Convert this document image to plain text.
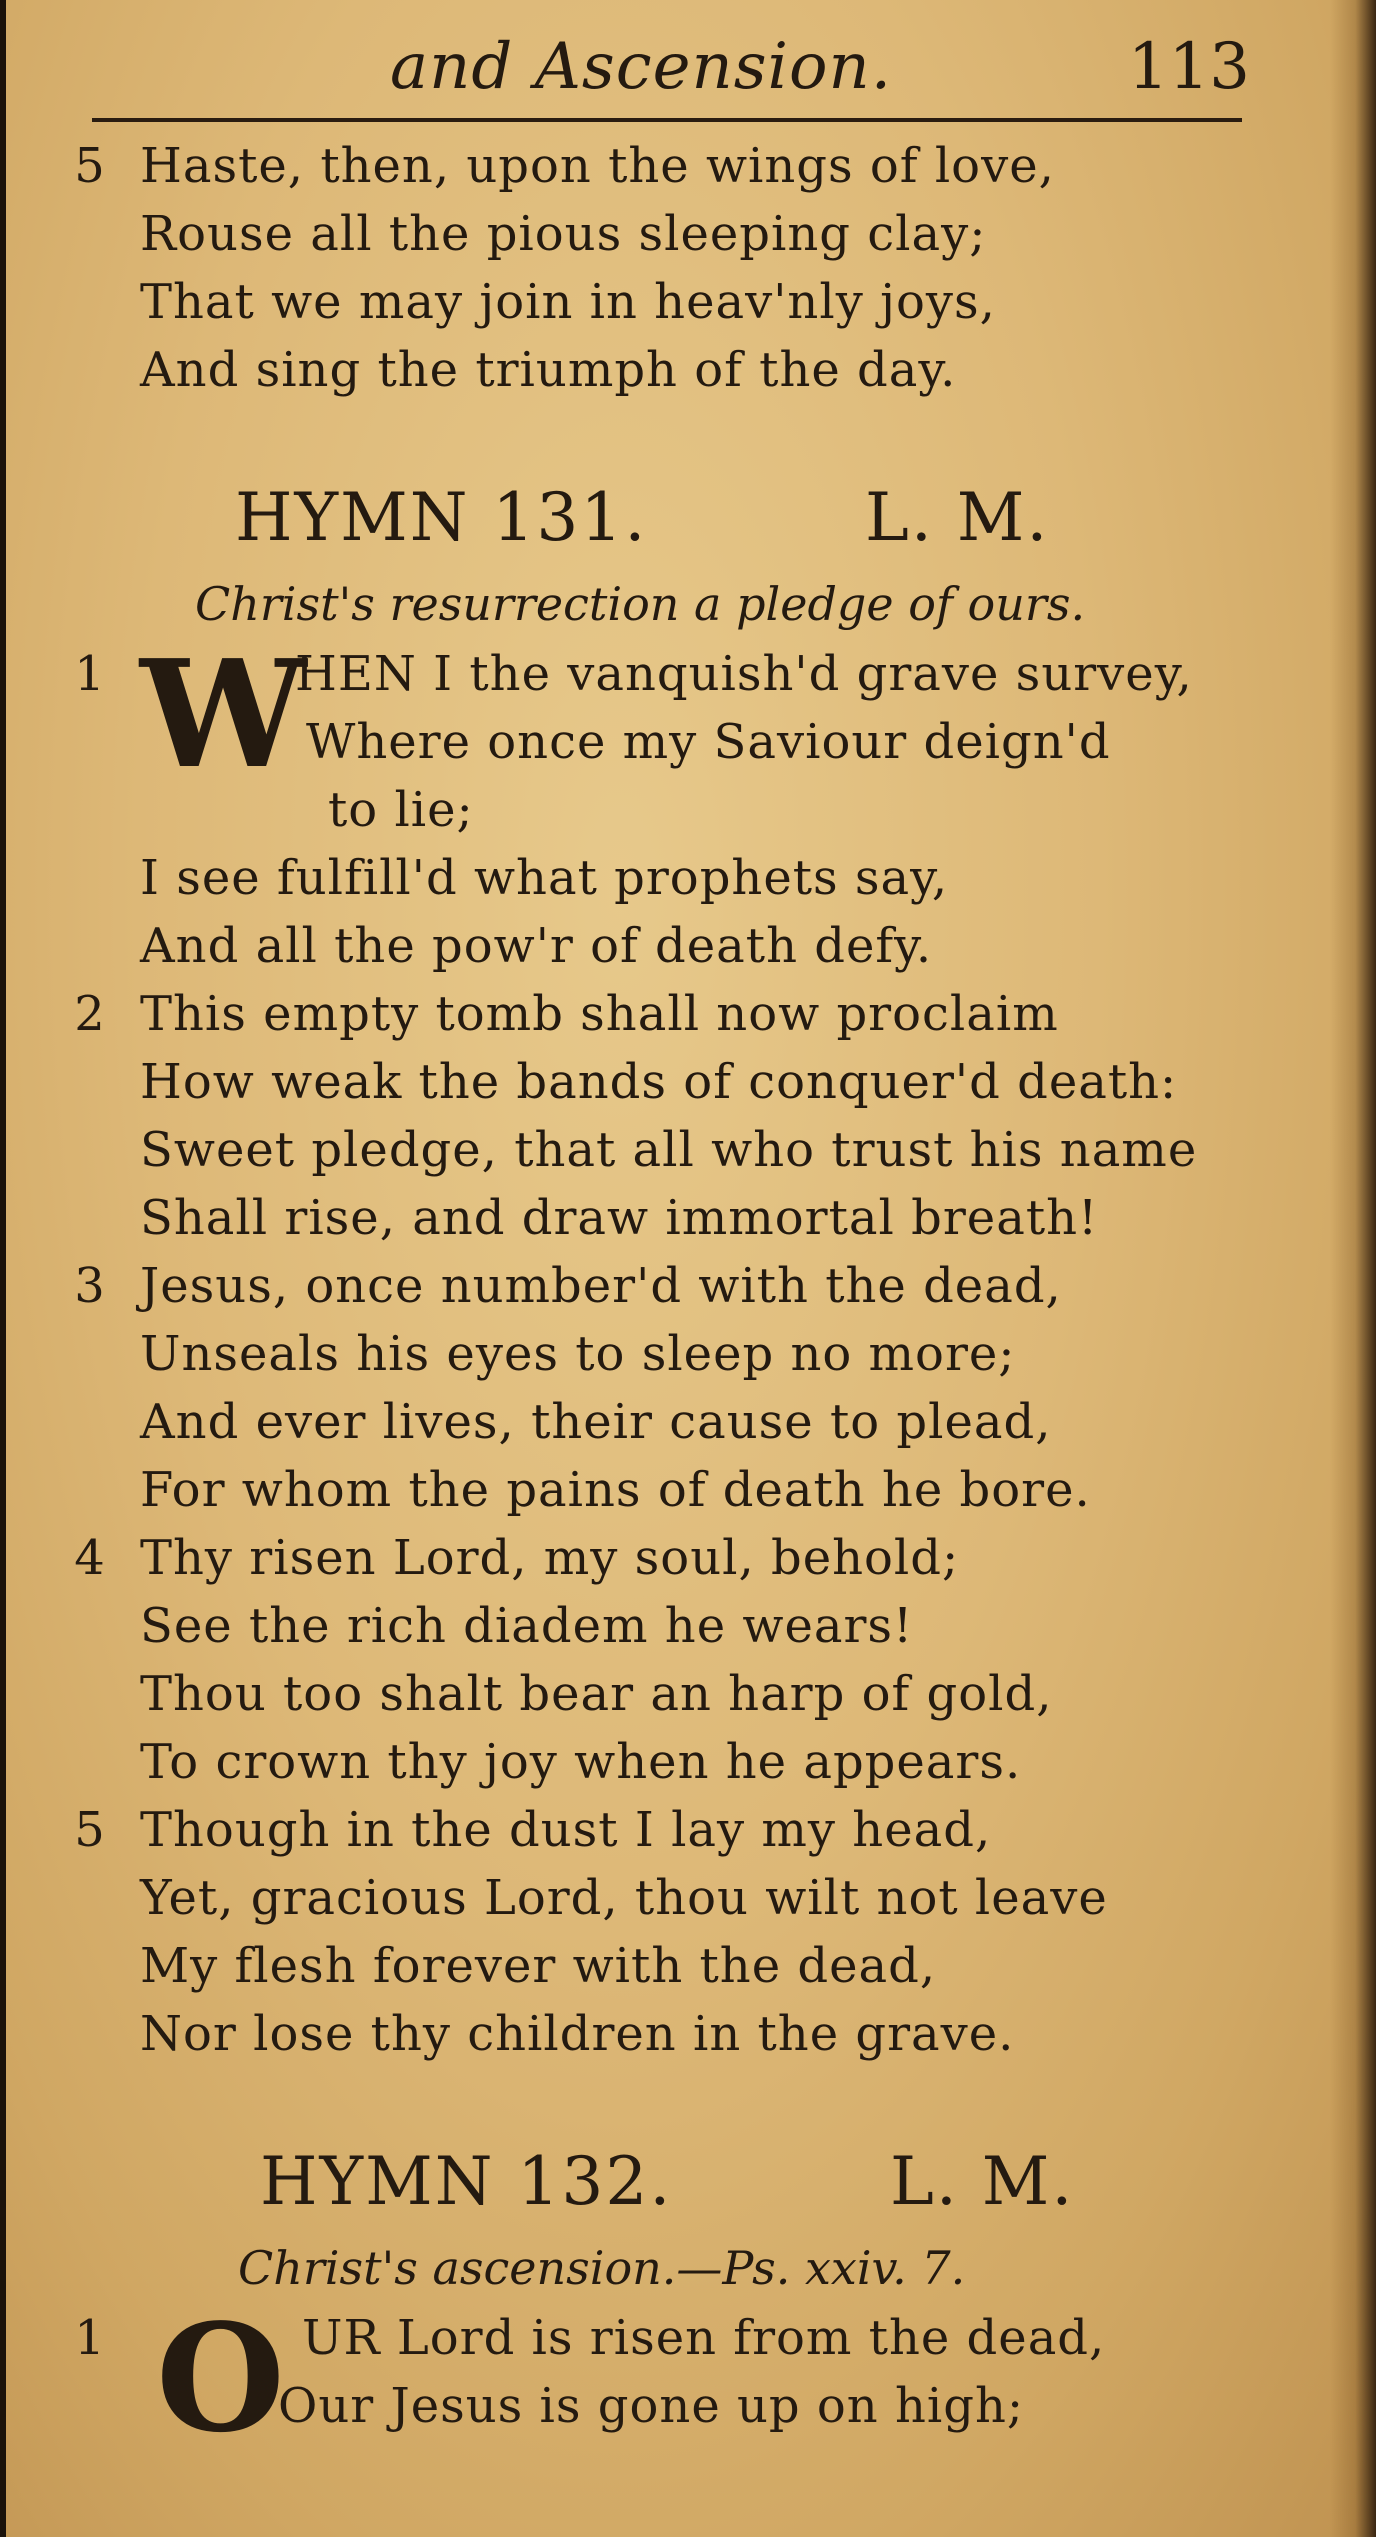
and Ascension.	113
5 Haste, then, upon the wings of love,
Rouse all the pious sleeping clay;
That we may join in heav'nly joys,
And sing the triumph of the day.
HYMN 131.	L. M.
Christ's resurrection a pledge of ours.
W
1	HEN I the vanquish'd grave survey,
Where once my Saviour deign'd
to lie;
I see fulfill'd what prophets say,
And all the pow'r of death defy.
2 This empty tomb shall now proclaim
How weak the bands of conquer'd death:
Sweet pledge, that all who trust his name
Shall rise, and draw immortal breath!
3 Jesus, once number'd with the dead,
Unseals his eyes to sleep no more;
And ever lives, their cause to plead,
For whom the pains of death he bore.
4 Thy risen Lord, my soul, behold;
See the rich diadem he wears!
Thou too shalt bear an harp of gold,
To crown thy joy when he appears.
5 Though in the dust I lay my head,
Yet, gracious Lord, thou wilt not leave
My flesh forever with the dead,
Nor lose thy children in the grave.
HYMN 132.	L. M.
Christ's ascension.—Ps. xxiv. 7.
O
1	UR Lord is risen from the dead,
Our Jesus is gone up on high;
